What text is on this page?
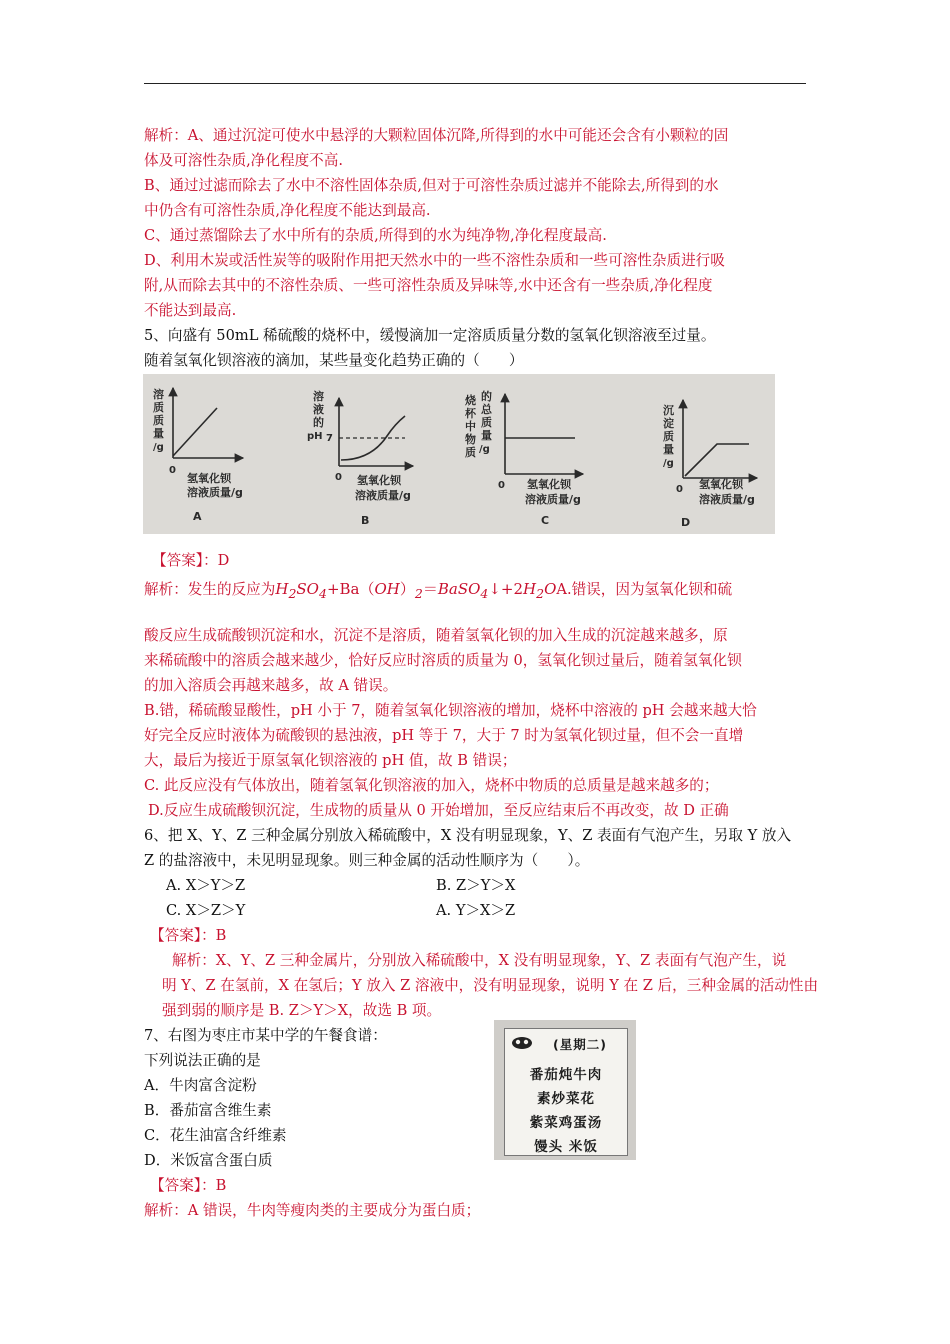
解析：A、通过沉淀可使水中悬浮的大颗粒固体沉降,所得到的水中可能还会含有小颗粒的固

体及可溶性杂质,净化程度不高.

B、通过过滤而除去了水中不溶性固体杂质,但对于可溶性杂质过滤并不能除去,所得到的水

中仍含有可溶性杂质,净化程度不能达到最高.

C、通过蒸馏除去了水中所有的杂质,所得到的水为纯净物,净化程度最高.

D、利用木炭或活性炭等的吸附作用把天然水中的一些不溶性杂质和一些可溶性杂质进行吸

附,从而除去其中的不溶性杂质、一些可溶性杂质及异味等,水中还含有一些杂质,净化程度

不能达到最高.

5、向盛有 50mL 稀硫酸的烧杯中，缓慢滴加一定溶质质量分数的氢氧化钡溶液至过量。

随着氢氧化钡溶液的滴加，某些量变化趋势正确的（　　）

溶
质
质
量
/g
0
氢氧化钡
溶液质量/g
A
溶
液
的
pH 7
0 氢氧化钡
溶液质量/g
B
烧
杯
中
物
质
的
总
质
量
/g
0 氢氧化钡
溶液质量/g
C
沉
淀
质
量
/g
0 氢氧化钡
溶液质量/g
D

【答案】：D

解析：发生的反应为$H_2SO_4+Ba(OH)_2=BaSO_4↓+2H_2OA$.错误，因为氢氧化钡和硫

酸反应生成硫酸钡沉淀和水，沉淀不是溶质，随着氢氧化钡的加入生成的沉淀越来越多，原

来稀硫酸中的溶质会越来越少，恰好反应时溶质的质量为 0，氢氧化钡过量后，随着氢氧化钡

的加入溶质会再越来越多，故 A 错误。

B.错，稀硫酸显酸性，pH 小于 7，随着氢氧化钡溶液的增加，烧杯中溶液的 pH 会越来越大恰

好完全反应时液体为硫酸钡的悬浊液，pH 等于 7，大于 7 时为氢氧化钡过量，但不会一直增

大，最后为接近于原氢氧化钡溶液的 pH 值，故 B 错误；

C. 此反应没有气体放出，随着氢氧化钡溶液的加入，烧杯中物质的总质量是越来越多的；

D.反应生成硫酸钡沉淀，生成物的质量从 0 开始增加，至反应结束后不再改变，故 D 正确

6、把 X、Y、Z 三种金属分别放入稀硫酸中，X 没有明显现象，Y、Z 表面有气泡产生，另取 Y 放入

Z 的盐溶液中，未见明显现象。则三种金属的活动性顺序为（　　）。

A. X＞Y＞Z	B. Z＞Y＞X
C. X＞Z＞Y	A. Y＞X＞Z

【答案】：B

解析：X、Y、Z 三种金属片，分别放入稀硫酸中，X 没有明显现象，Y、Z 表面有气泡产生，说

明 Y、Z 在氢前，X 在氢后；Y 放入 Z 溶液中，没有明显现象，说明 Y 在 Z 后，三种金属的活动性由

强到弱的顺序是 B. Z＞Y＞X，故选 B 项。

7、右图为枣庄市某中学的午餐食谱：

下列说法正确的是

A．牛肉富含淀粉

B．番茄富含维生素

C．花生油富含纤维素

D．米饭富含蛋白质

(星期二)
番茄炖牛肉
素炒菜花
紫菜鸡蛋汤
馒头 米饭

【答案】：B

解析：A 错误，牛肉等瘦肉类的主要成分为蛋白质；
